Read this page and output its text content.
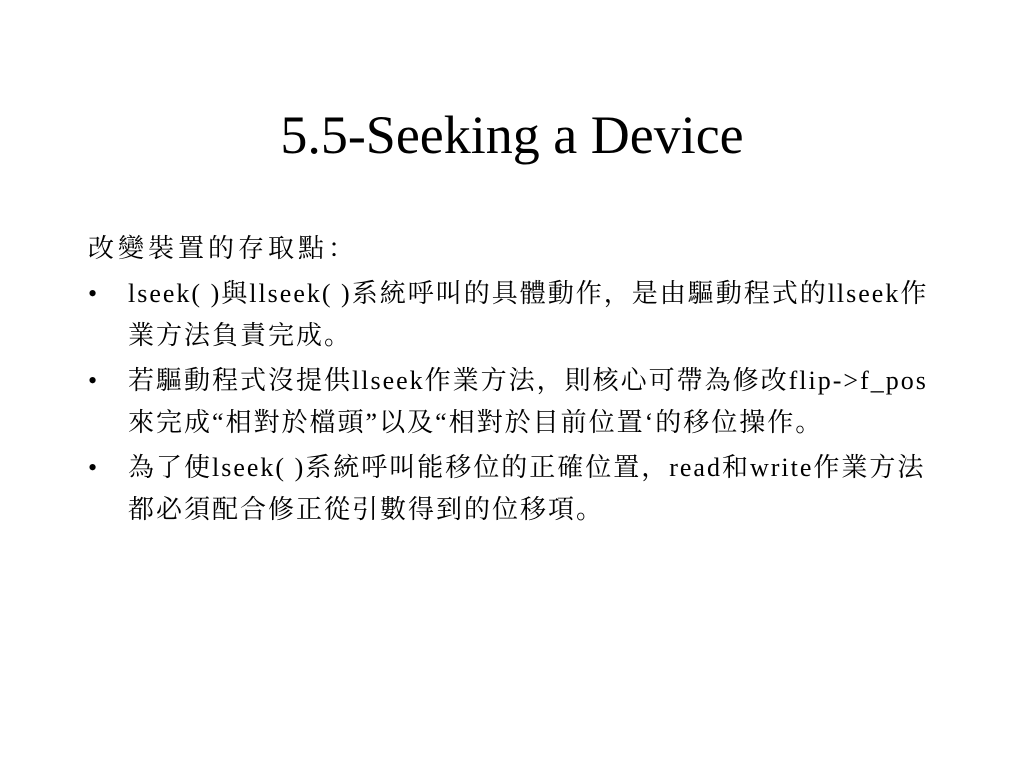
5.5-Seeking a Device

改變裝置的存取點：

•	lseek( )與llseek( )系統呼叫的具體動作，是由驅動程式的llseek作業方法負責完成。
•	若驅動程式沒提供llseek作業方法，則核心可帶為修改flip->f_pos來完成“相對於檔頭”以及“相對於目前位置‘的移位操作。
•	為了使lseek( )系統呼叫能移位的正確位置，read和write作業方法都必須配合修正從引數得到的位移項。
